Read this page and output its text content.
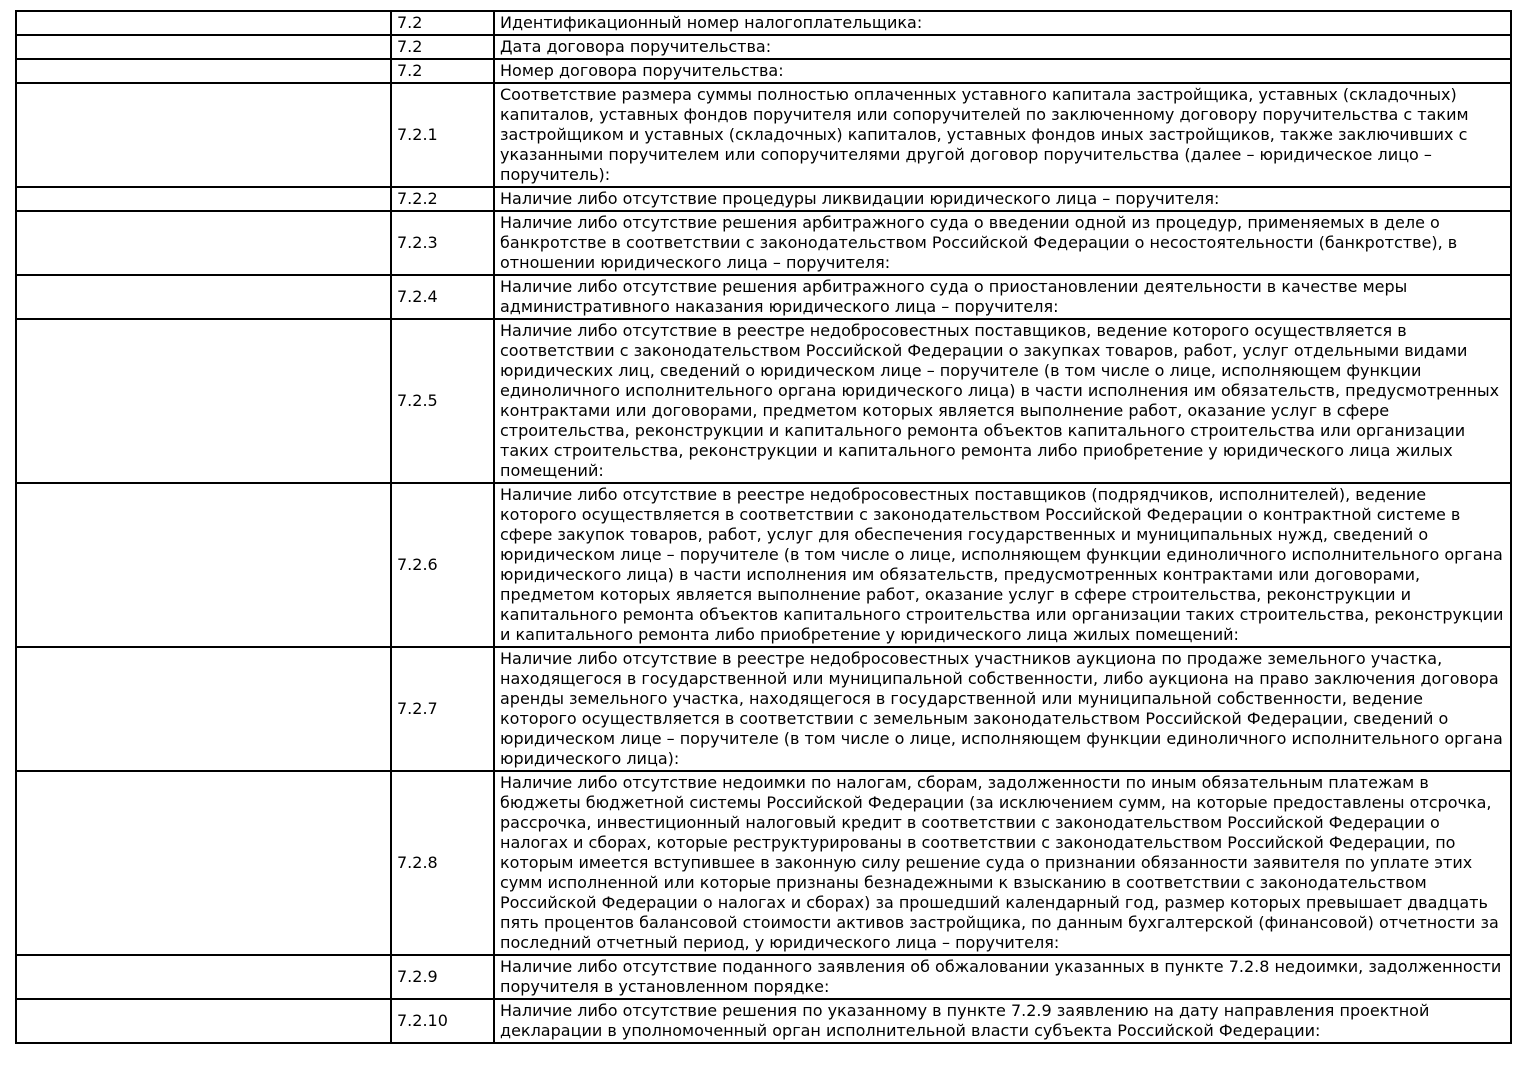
	7.2	Идентификационный номер налогоплательщика:
	7.2	Дата договора поручительства:
	7.2	Номер договора поручительства:
	7.2.1	Соответствие размера суммы полностью оплаченных уставного капитала застройщика, уставных (складочных) капиталов, уставных фондов поручителя или сопоручителей по заключенному договору поручительства с таким застройщиком и уставных (складочных) капиталов, уставных фондов иных застройщиков, также заключивших с указанными поручителем или сопоручителями другой договор поручительства (далее – юридическое лицо – поручитель):
	7.2.2	Наличие либо отсутствие процедуры ликвидации юридического лица – поручителя:
	7.2.3	Наличие либо отсутствие решения арбитражного суда о введении одной из процедур, применяемых в деле о банкротстве в соответствии с законодательством Российской Федерации о несостоятельности (банкротстве), в отношении юридического лица – поручителя:
	7.2.4	Наличие либо отсутствие решения арбитражного суда о приостановлении деятельности в качестве меры административного наказания юридического лица – поручителя:
	7.2.5	Наличие либо отсутствие в реестре недобросовестных поставщиков, ведение которого осуществляется в соответствии с законодательством Российской Федерации о закупках товаров, работ, услуг отдельными видами юридических лиц, сведений о юридическом лице – поручителе (в том числе о лице, исполняющем функции единоличного исполнительного органа юридического лица) в части исполнения им обязательств, предусмотренных контрактами или договорами, предметом которых является выполнение работ, оказание услуг в сфере строительства, реконструкции и капитального ремонта объектов капитального строительства или организации таких строительства, реконструкции и капитального ремонта либо приобретение у юридического лица жилых помещений:
	7.2.6	Наличие либо отсутствие в реестре недобросовестных поставщиков (подрядчиков, исполнителей), ведение которого осуществляется в соответствии с законодательством Российской Федерации о контрактной системе в сфере закупок товаров, работ, услуг для обеспечения государственных и муниципальных нужд, сведений о юридическом лице – поручителе (в том числе о лице, исполняющем функции единоличного исполнительного органа юридического лица) в части исполнения им обязательств, предусмотренных контрактами или договорами, предметом которых является выполнение работ, оказание услуг в сфере строительства, реконструкции и капитального ремонта объектов капитального строительства или организации таких строительства, реконструкции и капитального ремонта либо приобретение у юридического лица жилых помещений:
	7.2.7	Наличие либо отсутствие в реестре недобросовестных участников аукциона по продаже земельного участка, находящегося в государственной или муниципальной собственности, либо аукциона на право заключения договора аренды земельного участка, находящегося в государственной или муниципальной собственности, ведение которого осуществляется в соответствии с земельным законодательством Российской Федерации, сведений о юридическом лице – поручителе (в том числе о лице, исполняющем функции единоличного исполнительного органа юридического лица):
	7.2.8	Наличие либо отсутствие недоимки по налогам, сборам, задолженности по иным обязательным платежам в бюджеты бюджетной системы Российской Федерации (за исключением сумм, на которые предоставлены отсрочка, рассрочка, инвестиционный налоговый кредит в соответствии с законодательством Российской Федерации о налогах и сборах, которые реструктурированы в соответствии с законодательством Российской Федерации, по которым имеется вступившее в законную силу решение суда о признании обязанности заявителя по уплате этих сумм исполненной или которые признаны безнадежными к взысканию в соответствии с законодательством Российской Федерации о налогах и сборах) за прошедший календарный год, размер которых превышает двадцать пять процентов балансовой стоимости активов застройщика, по данным бухгалтерской (финансовой) отчетности за последний отчетный период, у юридического лица – поручителя:
	7.2.9	Наличие либо отсутствие поданного заявления об обжаловании указанных в пункте 7.2.8 недоимки, задолженности поручителя в установленном порядке:
	7.2.10	Наличие либо отсутствие решения по указанному в пункте 7.2.9 заявлению на дату направления проектной декларации в уполномоченный орган исполнительной власти субъекта Российской Федерации:
